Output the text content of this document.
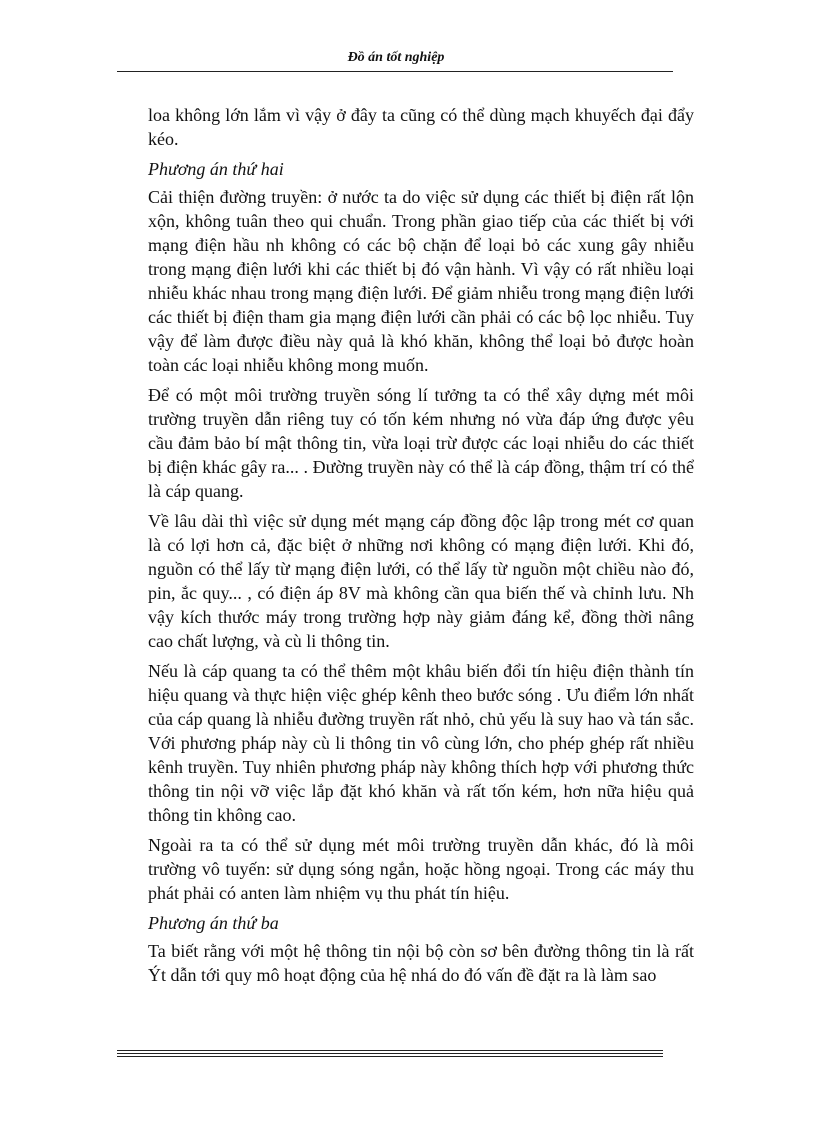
Đồ án tốt nghiệp

loa không lớn lắm vì vậy ở đây ta cũng có thể dùng mạch khuyếch đại đẩy kéo.

Phương án thứ hai

Cải thiện đường truyền: ở nước ta do việc sử dụng các thiết bị điện rất lộn xộn, không tuân theo qui chuẩn. Trong phần giao tiếp của các thiết bị với mạng điện hầu nh không có các bộ chặn để loại bỏ các xung gây nhiễu trong mạng điện lưới khi các thiết bị đó vận hành. Vì vậy có rất nhiều loại nhiễu khác nhau trong mạng điện lưới. Để giảm nhiễu trong mạng điện lưới các thiết bị điện tham gia mạng điện lưới cần phải có các bộ lọc nhiễu. Tuy vậy để làm được điều này quả là khó khăn, không thể loại bỏ được hoàn toàn các loại nhiễu không mong muốn.

Để có một môi trường truyền sóng lí tưởng ta có thể xây dựng mét môi trường truyền dẫn riêng tuy có tốn kém nhưng nó vừa đáp ứng được yêu cầu đảm bảo bí mật thông tin, vừa loại trừ được các loại nhiễu do các thiết bị điện khác gây ra... . Đường truyền này có thể là cáp đồng, thậm trí có thể là cáp quang.

Về lâu dài thì việc sử dụng mét mạng cáp đồng độc lập trong mét cơ quan là có lợi hơn cả, đặc biệt ở những nơi không có mạng điện lưới. Khi đó, nguồn có thể lấy từ mạng điện lưới, có thể lấy từ nguồn một chiều nào đó, pin, ắc quy... , có điện áp 8V mà không cần qua biến thế và chỉnh lưu. Nh vậy kích thước máy trong trường hợp này giảm đáng kể, đồng thời nâng cao chất lượng, và cù li thông tin.

Nếu là cáp quang ta có thể thêm một khâu biến đổi tín hiệu điện thành tín hiệu quang và thực hiện việc ghép kênh theo bước sóng . Ưu điểm lớn nhất của cáp quang là nhiễu đường truyền rất nhỏ, chủ yếu là suy hao và tán sắc. Với phương pháp này cù li thông tin vô cùng lớn, cho phép ghép rất nhiều kênh truyền. Tuy nhiên phương pháp này không thích hợp với phương thức thông tin nội vỡ việc lắp đặt khó khăn và rất tốn kém, hơn nữa hiệu quả thông tin không cao.

Ngoài ra ta có thể sử dụng mét môi trường truyền dẫn khác, đó là môi trường vô tuyến: sử dụng sóng ngắn, hoặc hồng ngoại. Trong các máy thu phát phải có anten làm nhiệm vụ thu phát tín hiệu.

Phương án thứ ba

Ta biết rằng với một hệ thông tin nội bộ còn sơ bên đường thông tin là rất Ýt dẫn tới quy mô hoạt động của hệ nhá do đó vấn đề đặt ra là làm sao
